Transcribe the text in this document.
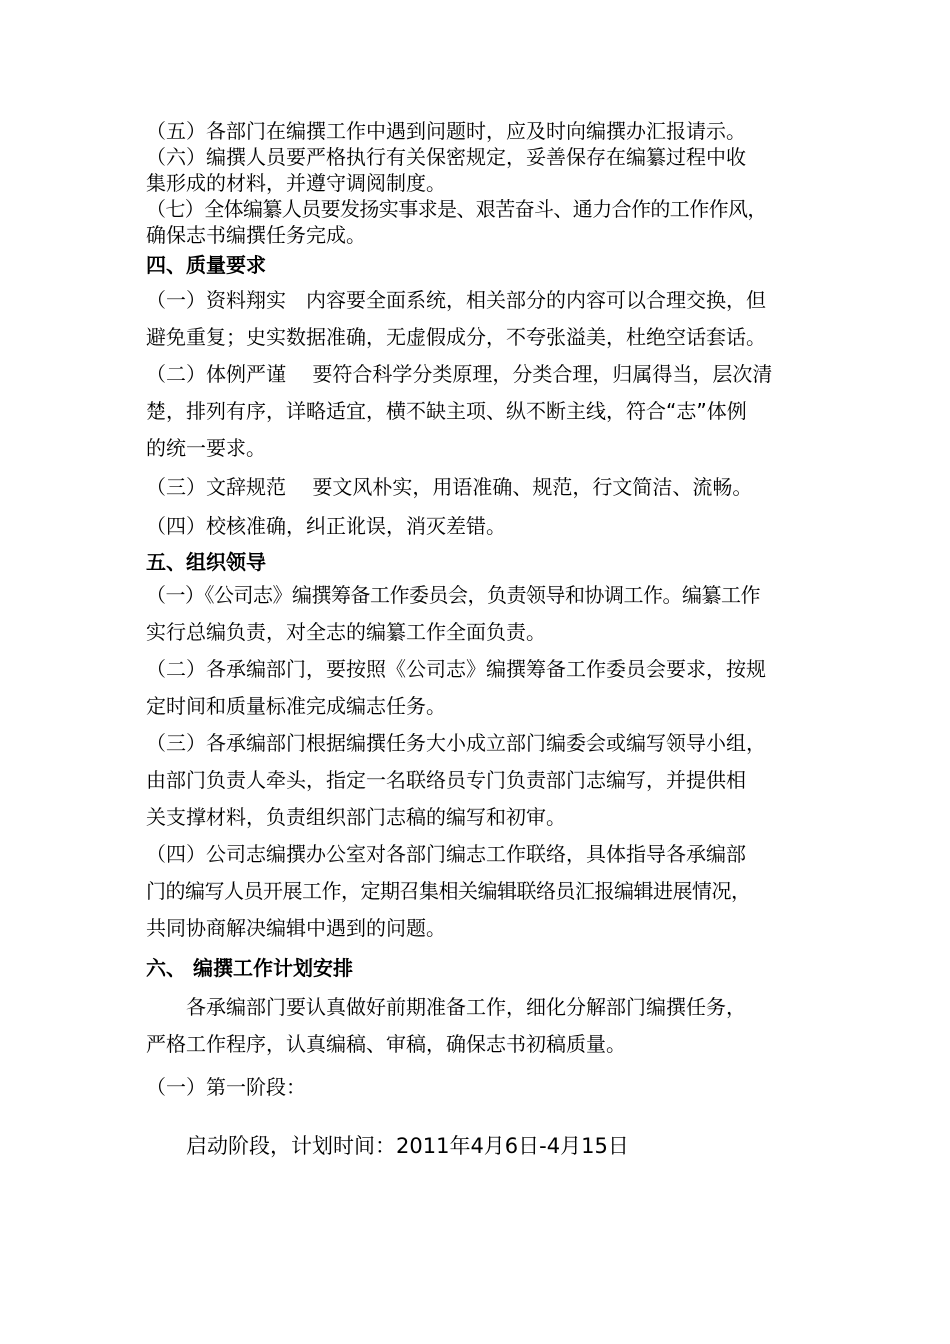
（五）各部门在编撰工作中遇到问题时，应及时向编撰办汇报请示。

（六）编撰人员要严格执行有关保密规定，妥善保存在编纂过程中收
集形成的材料，并遵守调阅制度。

（七）全体编纂人员要发扬实事求是、艰苦奋斗、通力合作的工作作风，
确保志书编撰任务完成。

四、质量要求

（一）资料翔实　内容要全面系统，相关部分的内容可以合理交换，但
避免重复；史实数据准确，无虚假成分，不夸张溢美，杜绝空话套话。

（二）体例严谨　 要符合科学分类原理，分类合理，归属得当，层次清
楚，排列有序，详略适宜，横不缺主项、纵不断主线，符合“志”体例
的统一要求。

（三）文辞规范　 要文风朴实，用语准确、规范，行文简洁、流畅。

（四）校核准确，纠正讹误，消灭差错。

五、组织领导

（一）《公司志》编撰筹备工作委员会，负责领导和协调工作。编纂工作
实行总编负责，对全志的编纂工作全面负责。

（二）各承编部门，要按照《公司志》编撰筹备工作委员会要求，按规
定时间和质量标准完成编志任务。

（三）各承编部门根据编撰任务大小成立部门编委会或编写领导小组，
由部门负责人牵头，指定一名联络员专门负责部门志编写，并提供相
关支撑材料，负责组织部门志稿的编写和初审。

（四）公司志编撰办公室对各部门编志工作联络，具体指导各承编部
门的编写人员开展工作，定期召集相关编辑联络员汇报编辑进展情况，
共同协商解决编辑中遇到的问题。

六、 编撰工作计划安排

各承编部门要认真做好前期准备工作，细化分解部门编撰任务，
严格工作程序，认真编稿、审稿，确保志书初稿质量。

（一）第一阶段：

启动阶段，计划时间：2011年4月6日-4月15日
